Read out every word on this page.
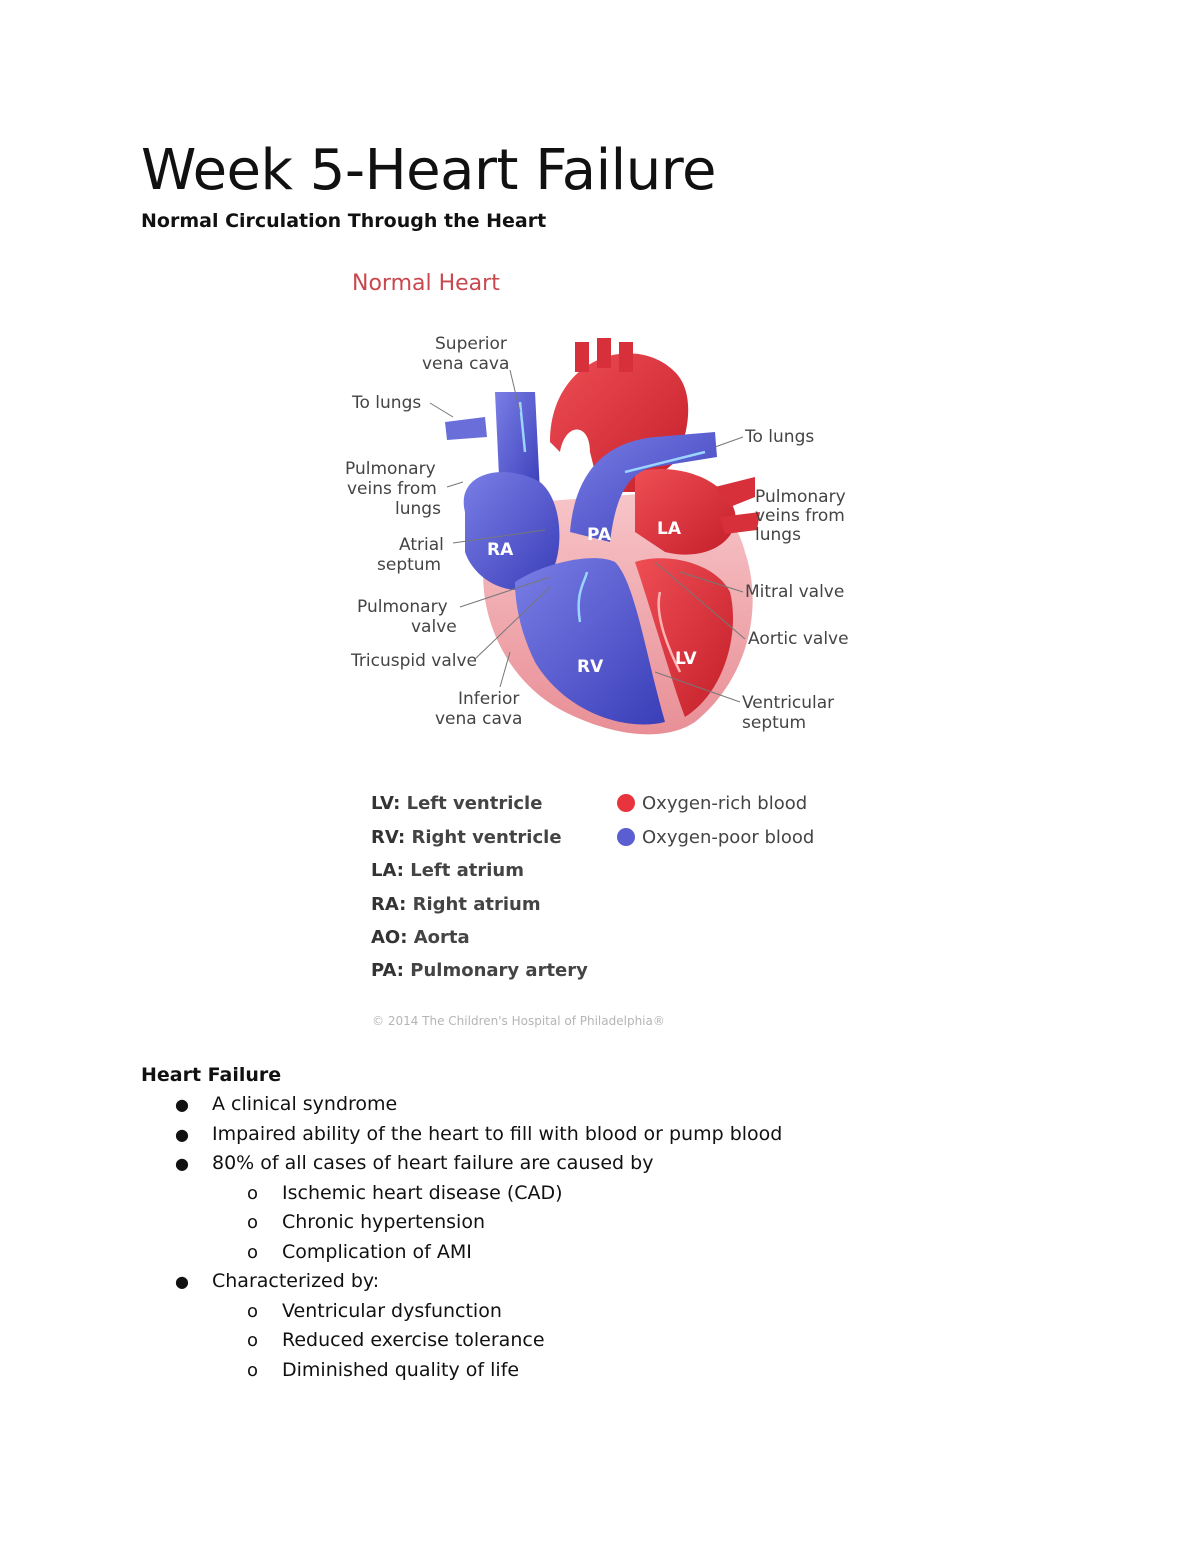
Week 5-Heart Failure

Normal Circulation Through the Heart

Normal Heart
AO
PA	LA
RA
RV	LV
Superior
vena cava
To lungs
Pulmonary
veins from
lungs
Atrial
septum
Pulmonary
valve
Tricuspid valve
Inferior
vena cava
To lungs
Pulmonary
veins from
lungs
Mitral valve
Aortic valve
Ventricular
septum
LV: Left ventricle
RV: Right ventricle
LA: Left atrium
RA: Right atrium
AO: Aorta
PA: Pulmonary artery
Oxygen-rich blood
Oxygen-poor blood
© 2014 The Children's Hospital of Philadelphia®

Heart Failure

● A clinical syndrome
● Impaired ability of the heart to fill with blood or pump blood
● 80% of all cases of heart failure are caused by
o Ischemic heart disease (CAD)
o Chronic hypertension
o Complication of AMI
● Characterized by:
o Ventricular dysfunction
o Reduced exercise tolerance
o Diminished quality of life
